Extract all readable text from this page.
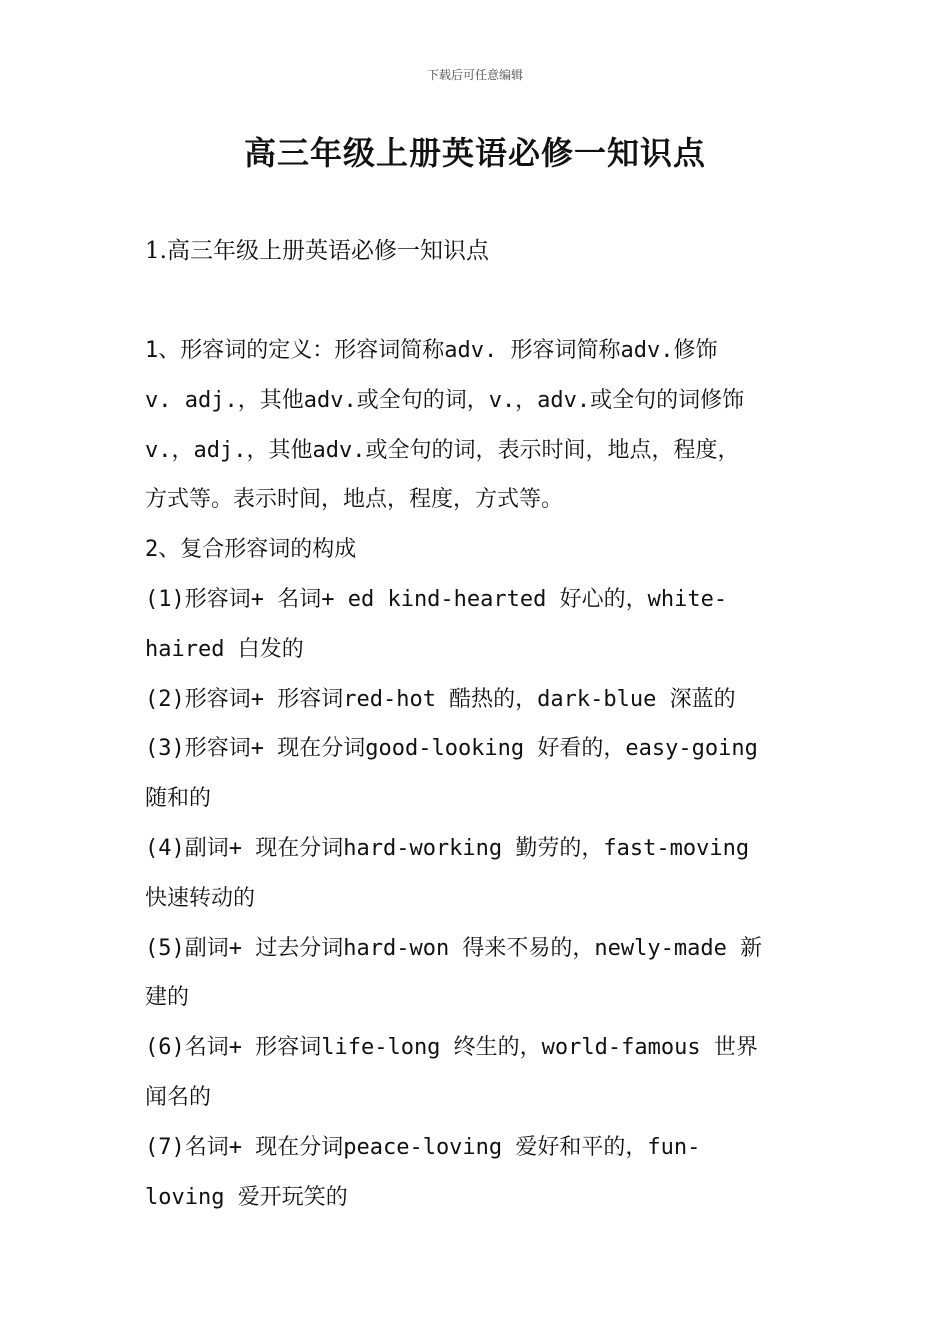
下载后可任意编辑
高三年级上册英语必修一知识点
1.高三年级上册英语必修一知识点
1、形容词的定义：形容词简称adv. 形容词简称adv.修饰
v. adj.，其他adv.或全句的词，v.，adv.或全句的词修饰
v.，adj.，其他adv.或全句的词，表示时间，地点，程度，
方式等。表示时间，地点，程度，方式等。
2、复合形容词的构成
(1)形容词+ 名词+ ed kind-hearted 好心的，white-
haired 白发的
(2)形容词+ 形容词red-hot 酷热的，dark-blue 深蓝的
(3)形容词+ 现在分词good-looking 好看的，easy-going
随和的
(4)副词+ 现在分词hard-working 勤劳的，fast-moving
快速转动的
(5)副词+ 过去分词hard-won 得来不易的，newly-made 新
建的
(6)名词+ 形容词life-long 终生的，world-famous 世界
闻名的
(7)名词+ 现在分词peace-loving 爱好和平的，fun-
loving 爱开玩笑的
